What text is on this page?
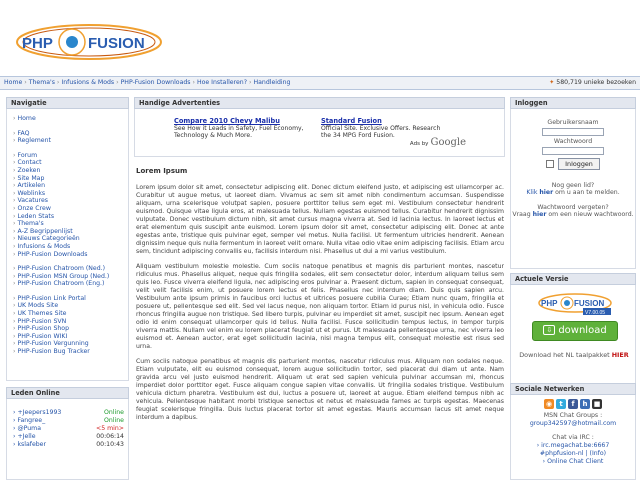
PHP FUSION
Home › Thema's › Infusions & Mods › PHP-Fusion Downloads › Hoe Installeren? › Handleiding	✦ 580,719 unieke bezoeken
Navigatie
› Home
› FAQ
› Reglement
› Forum
› Contact
› Zoeken
› Site Map
› Artikelen
› Weblinks
› Vacatures
› Onze Crew
› Leden Stats
› Thema's
› A-Z Begrippenlijst
› Nieuws Categorieën
› Infusions & Mods
› PHP-Fusion Downloads
› PHP-Fusion Chatroom (Ned.)
› PHP-Fusion MSN Group (Ned.)
› PHP-Fusion Chatroom (Eng.)
› PHP-Fusion Link Portal
› UK Mods Site
› UK Themes Site
› PHP-Fusion SVN
› PHP-Fusion Shop
› PHP-Fusion WIKI
› PHP-Fusion Vergunning
› PHP-Fusion Bug Tracker
Leden Online
› +Jeepers1993	Online
› Fangree_	Online
› @Puma	<5 min>
› +Jelle	00:06:14
› kslafeber	00:10:43
Handige Advertenties
Compare 2010 Chevy Malibu
See How it Leads in Safety, Fuel Economy, Technology & Much More.
Standard Fusion
Official Site. Exclusive Offers. Research the 34 MPG Ford Fusion.
Ads by Google
Lorem Ipsum

Lorem ipsum dolor sit amet, consectetur adipiscing elit. Donec dictum eleifend justo, et adipiscing est ullamcorper ac. Curabitur ut augue metus, ut laoreet diam. Vivamus ac sem sit amet nibh condimentum accumsan. Suspendisse aliquam, urna scelerisque volutpat sapien, posuere porttitor tellus sem eget mi. Vestibulum consectetur hendrerit euismod. Quisque vitae ligula eros, at malesuada tellus. Nullam egestas euismod tellus. Curabitur hendrerit dignissim vulputate. Donec vestibulum dictum nibh, sit amet cursus magna viverra at. Sed id lacinia lectus. In laoreet lectus et erat elementum quis suscipit ante euismod. Lorem ipsum dolor sit amet, consectetur adipiscing elit. Donec at ante egestas ante, tristique quis pulvinar eget, semper vel metus. Nulla facilisi. Ut fermentum ultricies hendrerit. Aenean dignissim neque quis nulla fermentum in laoreet velit ornare. Nulla vitae odio vitae enim adipiscing facilisis. Etiam arcu sem, tincidunt adipiscing convallis eu, facilisis interdum nisi. Phasellus ut dui a mi varius vestibulum.

Aliquam vestibulum molestie molestie. Cum sociis natoque penatibus et magnis dis parturient montes, nascetur ridiculus mus. Phasellus aliquet, neque quis fringilla sodales, elit sem consectetur dolor, interdum aliquam tellus sem quis leo. Fusce viverra eleifend ligula, nec adipiscing eros pulvinar a. Praesent dictum, sapien in consequat consequat, velit velit facilisis enim, ut posuere lorem lectus et felis. Phasellus nec interdum diam. Duis quis sapien arcu. Vestibulum ante ipsum primis in faucibus orci luctus et ultrices posuere cubilia Curae; Etiam nunc quam, fringilla et posuere ut, pellentesque sed elit. Sed vel lacus neque, non aliquam tortor. Etiam id purus nisl, in vehicula odio. Fusce rhoncus fringilla augue non tristique. Sed libero turpis, pulvinar eu imperdiet sit amet, suscipit nec ipsum. Aenean eget odio id enim consequat ullamcorper quis id tellus. Nulla facilisi. Fusce sollicitudin tempus lectus, in tempor turpis viverra mattis. Nullam vel enim eu lorem placerat feugiat ut et purus. Ut malesuada pellentesque urna, nec viverra leo euismod et. Aenean auctor, erat eget sollicitudin lacinia, nisi magna tempus elit, consequat molestie est risus sed urna.

Cum sociis natoque penatibus et magnis dis parturient montes, nascetur ridiculus mus. Aliquam non sodales neque. Etiam vulputate, elit eu euismod consequat, lorem augue sollicitudin tortor, sed placerat dui diam ut ante. Nam gravida arcu vel justo euismod hendrerit. Aliquam ut erat sed sapien vehicula pulvinar accumsan mi, rhoncus imperdiet dolor porttitor eget. Fusce aliquam congue sapien vitae convallis. Ut fringilla sodales tristique. Vestibulum vehicula dictum pharetra. Vestibulum est dui, luctus a posuere ut, laoreet at augue. Etiam eleifend tempus nibh ac vehicula. Pellentesque habitant morbi tristique senectus et netus et malesuada fames ac turpis egestas. Maecenas feugiat scelerisque fringilla. Duis luctus placerat tortor sit amet egestas. Mauris accumsan lacus sit amet neque interdum a dapibus.

Inloggen
Gebruikersnaam
Wachtwoord
Inloggen
Nog geen lid?
Klik hier om u aan te melden.
Wachtwoord vergeten?
Vraag hier om een nieuw wachtwoord.
Actuele Versie
PHP FUSION
V7.00.05
⇩ download
Download het NL taalpakket HIER
Sociale Netwerken
◉	t	f	h ■
MSN Chat Groups :
group342597@hotmail.com
Chat via IRC :
› irc.megachat.be:6667
#phpfusion-nl | (Info)
› Online Chat Client
